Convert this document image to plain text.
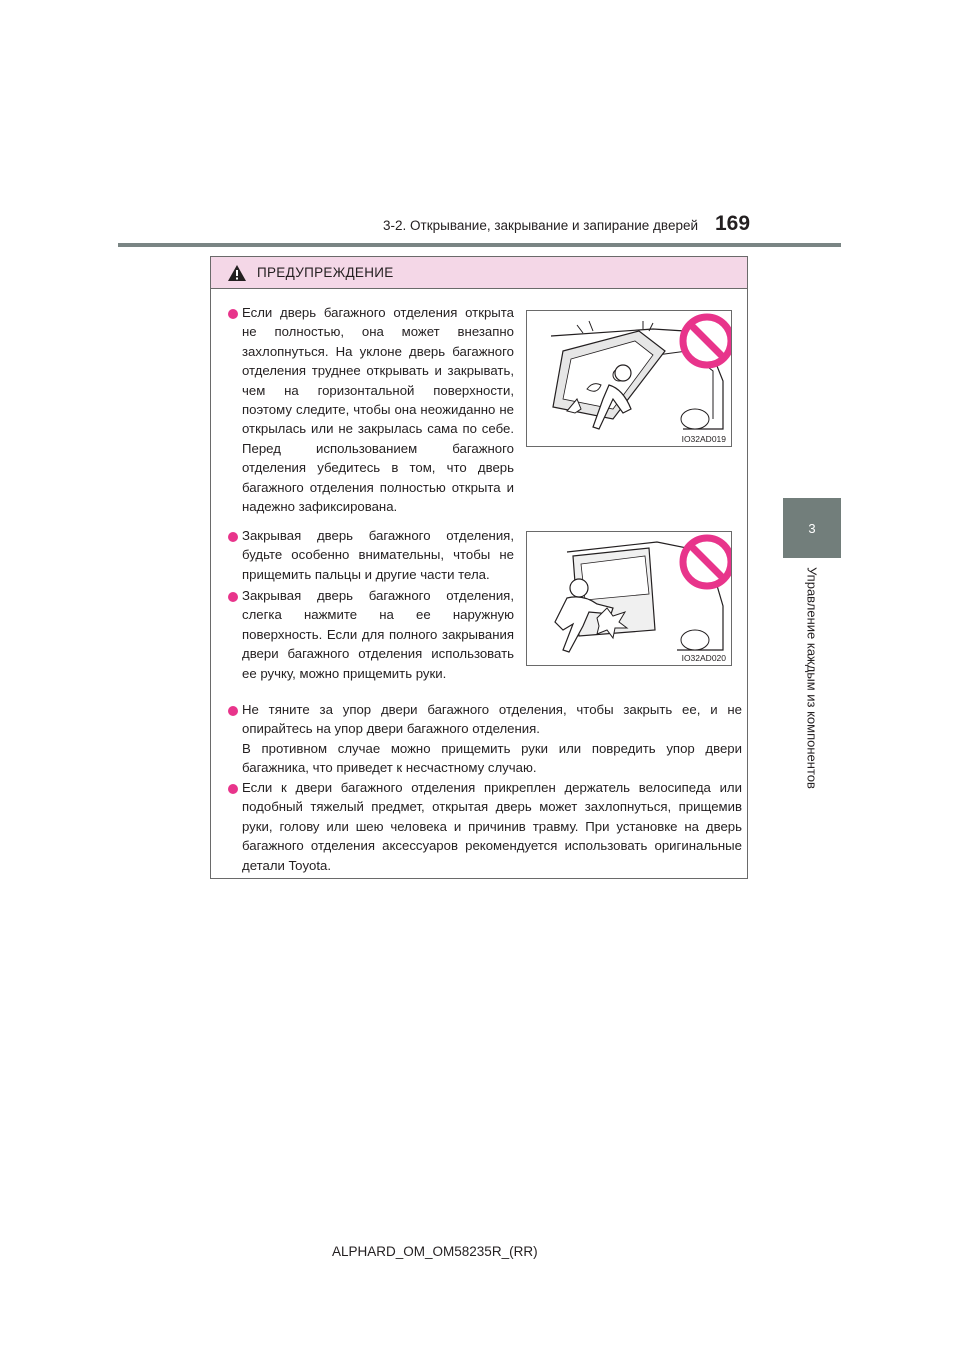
3-2. Открывание, закрывание и запирание дверей 169
3
Управление каждым из компонентов
ПРЕДУПРЕЖДЕНИЕ
Если дверь багажного отделения открыта не полностью, она может внезапно захлопнуться. На уклоне дверь багажного отделения труднее открывать и закрывать, чем на горизонтальной поверхности, поэтому следите, чтобы она неожиданно не открылась или не закрылась сама по себе. Перед использованием багажного отделения убедитесь в том, что дверь багажного отделения полностью открыта и надежно зафиксирована.
IO32AD019
Закрывая дверь багажного отделения, будьте особенно внимательны, чтобы не прищемить пальцы и другие части тела.
Закрывая дверь багажного отделения, слегка нажмите на ее наружную поверхность. Если для полного закрывания двери багажного отделения использовать ее ручку, можно прищемить руки.
IO32AD020
Не тяните за упор двери багажного отделения, чтобы закрыть ее, и не опирайтесь на упор двери багажного отделения.
В противном случае можно прищемить руки или повредить упор двери багажника, что приведет к несчастному случаю.
Если к двери багажного отделения прикреплен держатель велосипеда или подобный тяжелый предмет, открытая дверь может захлопнуться, прищемив руки, голову или шею человека и причинив травму. При установке на дверь багажного отделения аксессуаров рекомендуется использовать оригинальные детали Toyota.
ALPHARD_OM_OM58235R_(RR)
